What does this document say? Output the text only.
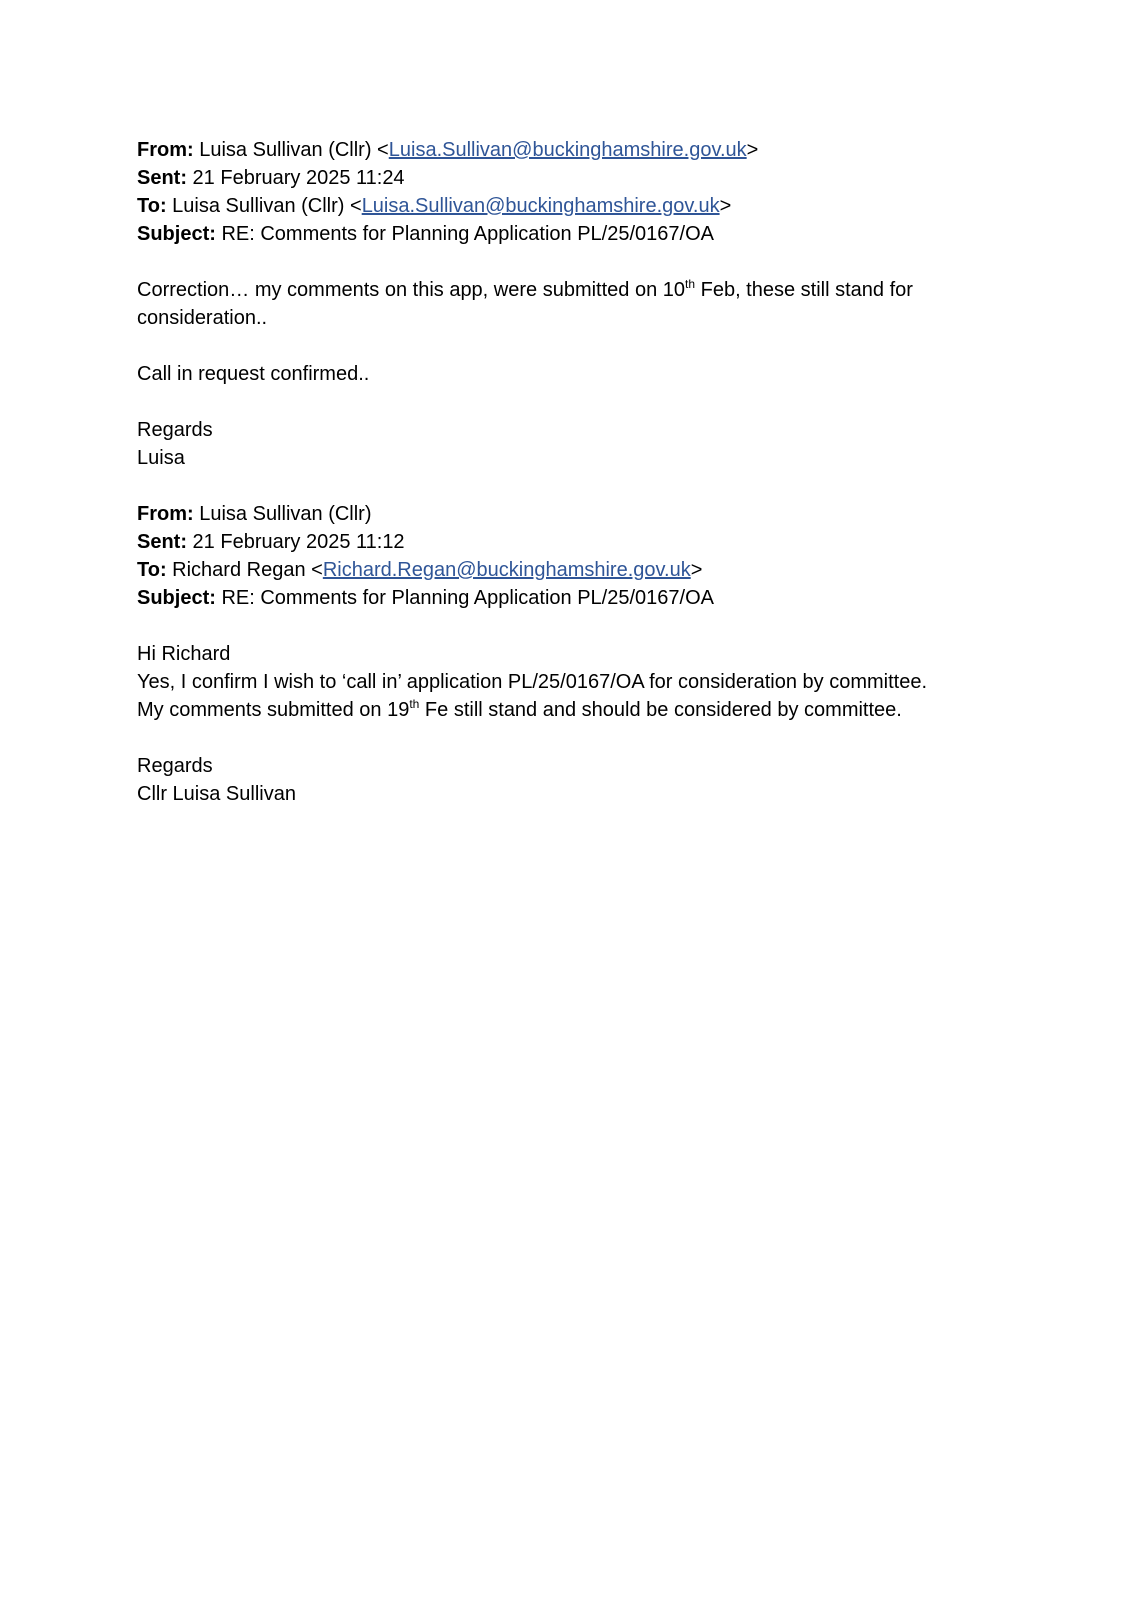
From: Luisa Sullivan (Cllr) <Luisa.Sullivan@buckinghamshire.gov.uk>
Sent: 21 February 2025 11:24
To: Luisa Sullivan (Cllr) <Luisa.Sullivan@buckinghamshire.gov.uk>
Subject: RE: Comments for Planning Application PL/25/0167/OA

Correction… my comments on this app, were submitted on 10th Feb, these still stand for consideration..

Call in request confirmed..

Regards
Luisa
From: Luisa Sullivan (Cllr)
Sent: 21 February 2025 11:12
To: Richard Regan <Richard.Regan@buckinghamshire.gov.uk>
Subject: RE: Comments for Planning Application PL/25/0167/OA
Hi Richard
Yes, I confirm I wish to ‘call in’ application PL/25/0167/OA for consideration by committee.
My comments submitted on 19th Fe still stand and should be considered by committee.
Regards
Cllr Luisa Sullivan
